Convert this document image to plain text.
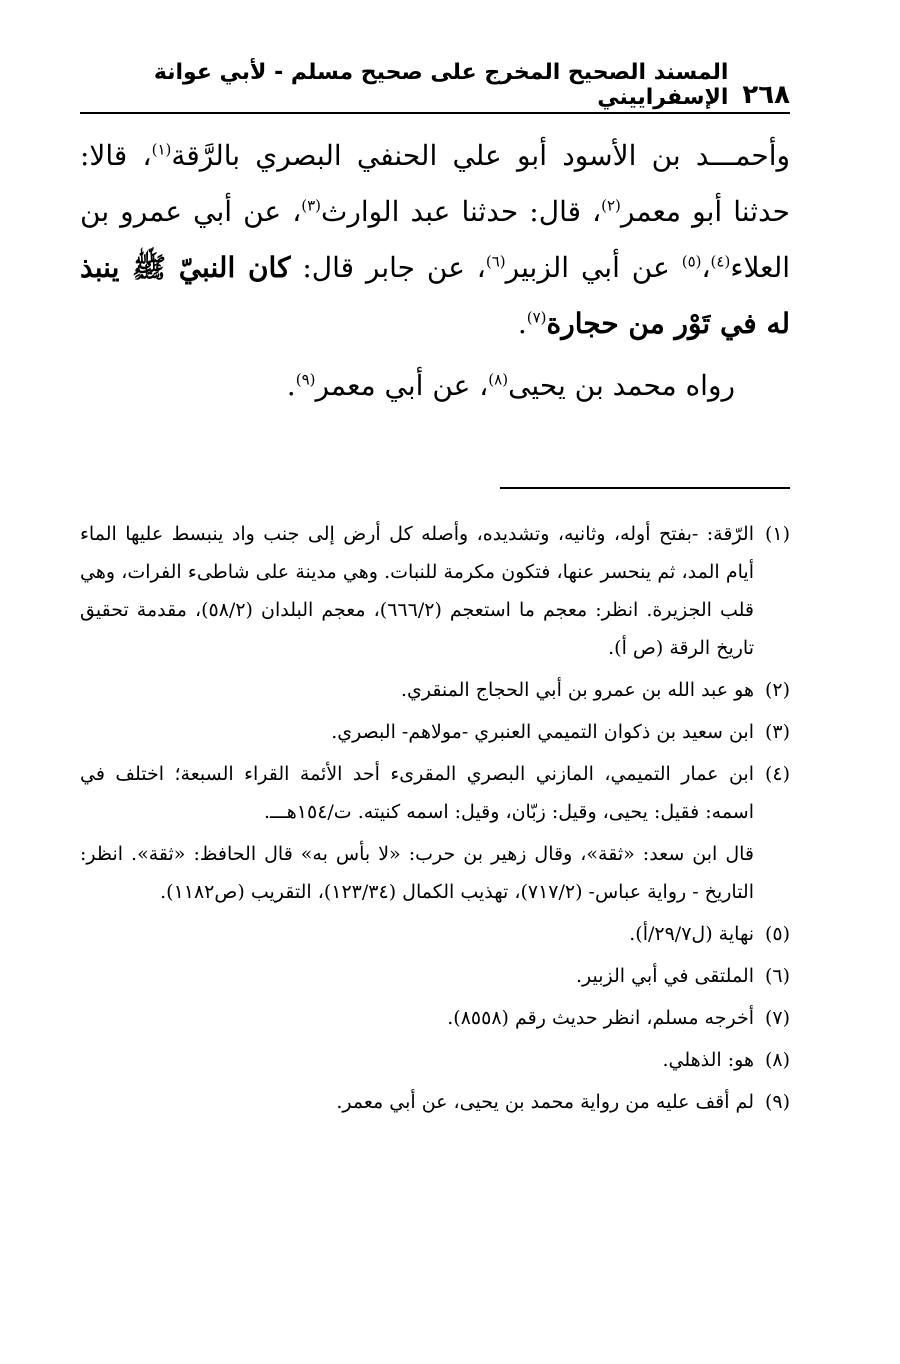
٢٦٨
المسند الصحيح المخرج على صحيح مسلم - لأبي عوانة الإسفراييني

وأحمـــد بن الأسود أبو علي الحنفي البصري بالرَّقة$^{(١)}$، قالا: حدثنا أبو معمر$^{(٢)}$، قال: حدثنا عبد الوارث$^{(٣)}$، عن أبي عمرو بن العلاء$^{(٤)}$،$^{(٥)}$ عن أبي الزبير$^{(٦)}$، عن جابر قال: كان النبيّ ﷺ ينبذ له في تَوْر من حجارة$^{(٧)}$.

رواه محمد بن يحيى$^{(٨)}$، عن أبي معمر$^{(٩)}$.

(١)الرّقة: -بفتح أوله، وثانيه، وتشديده، وأصله كل أرض إلى جنب واد ينبسط عليها الماء أيام المد، ثم ينحسر عنها، فتكون مكرمة للنبات. وهي مدينة على شاطىء الفرات، وهي قلب الجزيرة. انظر: معجم ما استعجم (٦٦٦/٢)، معجم البلدان (٥٨/٢)، مقدمة تحقيق تاريخ الرقة (ص أ).

(٢)هو عبد الله بن عمرو بن أبي الحجاج المنقري.

(٣)ابن سعيد بن ذكوان التميمي العنبري -مولاهم- البصري.

(٤)ابن عمار التميمي، المازني البصري المقرىء أحد الأئمة القراء السبعة؛ اختلف في اسمه: فقيل: يحيى، وقيل: زبّان، وقيل: اسمه كنيته. ت/١٥٤هـــ.

قال ابن سعد: «ثقة»، وقال زهير بن حرب: «لا بأس به» قال الحافظ: «ثقة». انظر: التاريخ - رواية عباس- (٧١٧/٢)، تهذيب الكمال (١٢٣/٣٤)، التقريب (ص١١٨٢).

(٥)نهاية (ل٢٩/٧/أ).

(٦)الملتقى في أبي الزبير.

(٧)أخرجه مسلم، انظر حديث رقم (٨٥٥٨).

(٨)هو: الذهلي.

(٩)لم أقف عليه من رواية محمد بن يحيى، عن أبي معمر.
